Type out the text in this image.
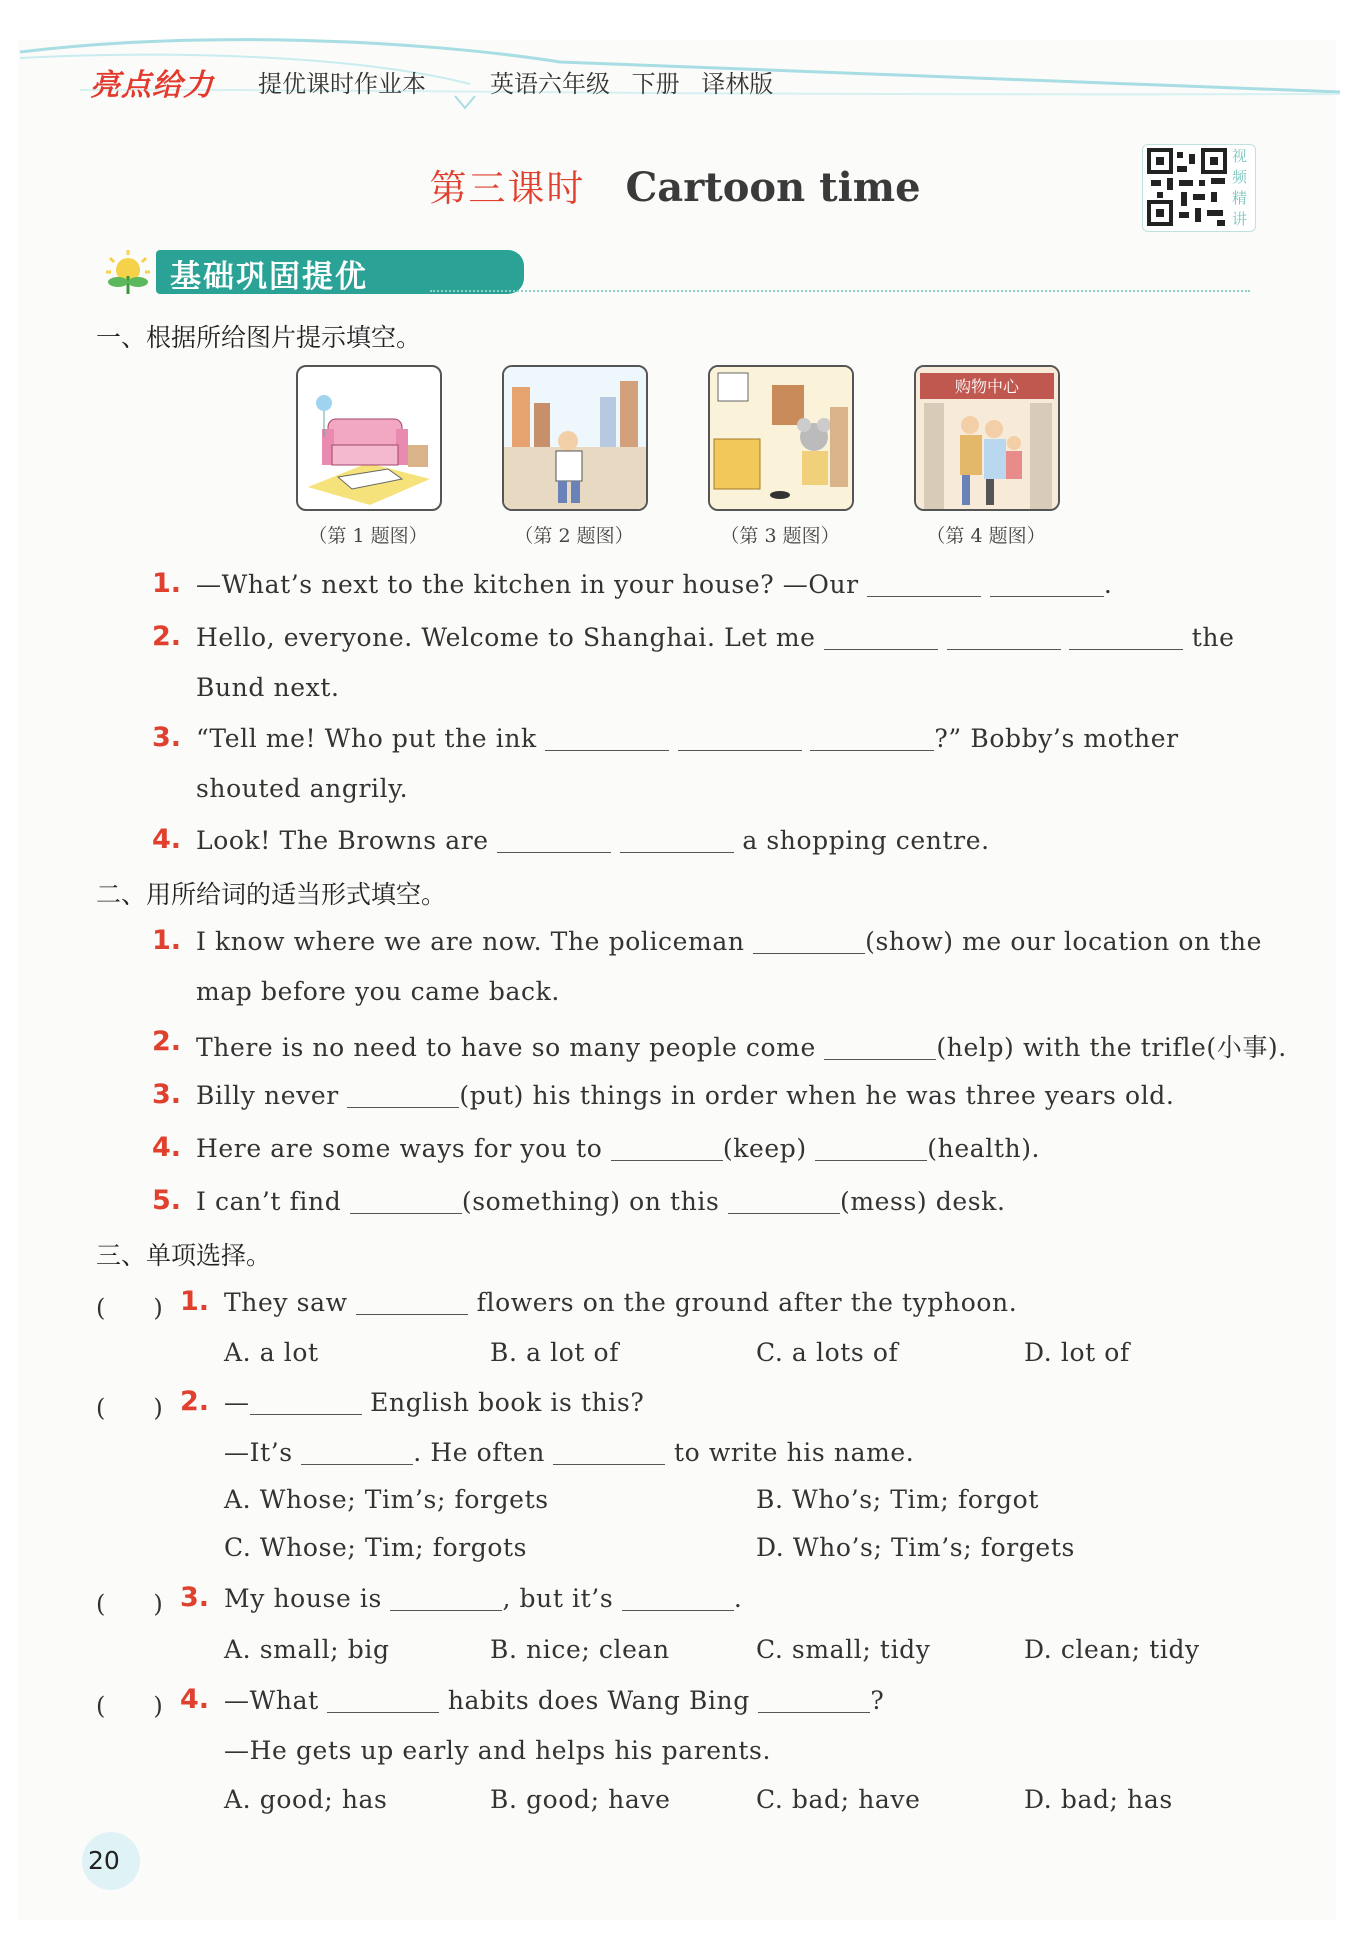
亮点给力 提优课时作业本	英语六年级 下册 译林版
第三课时 Cartoon time
视频精讲
基础巩固提优
一、根据所给图片提示填空。
购物中心
（第 1 题图）	（第 2 题图）	（第 3 题图）	（第 4 题图）
1. —What’s next to the kitchen in your house? —Our	.
2. Hello, everyone. Welcome to Shanghai. Let me	the
Bund next.
3. “Tell me! Who put the ink	?” Bobby’s mother
shouted angrily.
4. Look! The Browns are	a shopping centre.
二、用所给词的适当形式填空。
1. I know where we are now. The policeman	(show) me our location on the
map before you came back.
2. There is no need to have so many people come	(help) with the trifle(小事).
3. Billy never	(put) his things in order when he was three years old.
4. Here are some ways for you to	(keep)	(health).
5. I can’t find	(something) on this	(mess) desk.
三、单项选择。
(　　) 1. They saw	flowers on the ground after the typhoon.
A. a lot	B. a lot of	C. a lots of	D. lot of
(　　) 2. —	English book is this?
—It’s	. He often	to write his name.
A. Whose; Tim’s; forgets	B. Who’s; Tim; forgot
C. Whose; Tim; forgots	D. Who’s; Tim’s; forgets
(　　) 3. My house is	, but it’s	.
A. small; big	B. nice; clean	C. small; tidy	D. clean; tidy
(　　) 4. —What	habits does Wang Bing	?
—He gets up early and helps his parents.
A. good; has	B. good; have	C. bad; have	D. bad; has
20
